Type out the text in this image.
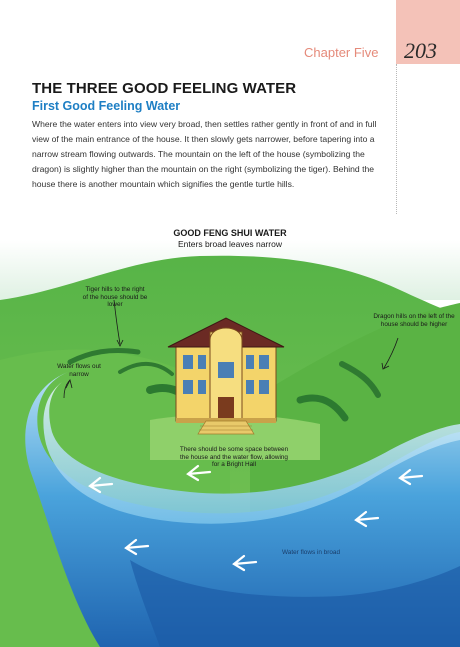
Chapter Five 203
THE THREE GOOD FEELING WATER
First Good Feeling Water
Where the water enters into view very broad, then settles rather gently in front of and in full view of the main entrance of the house. It then slowly gets narrower, before tapering into a narrow stream flowing outwards. The mountain on the left of the house (symbolizing the dragon) is slightly higher than the mountain on the right (symbolizing the tiger). Behind the house there is another mountain which signifies the gentle turtle hills.
GOOD FENG SHUI WATER
Enters broad leaves narrow
Tiger hills to the right of the house should be lower
Dragon hills on the left of the house should be higher
Water flows out narrow
There should be some space between the house and the water flow, allowing for a Bright Hall
Water flows in broad
